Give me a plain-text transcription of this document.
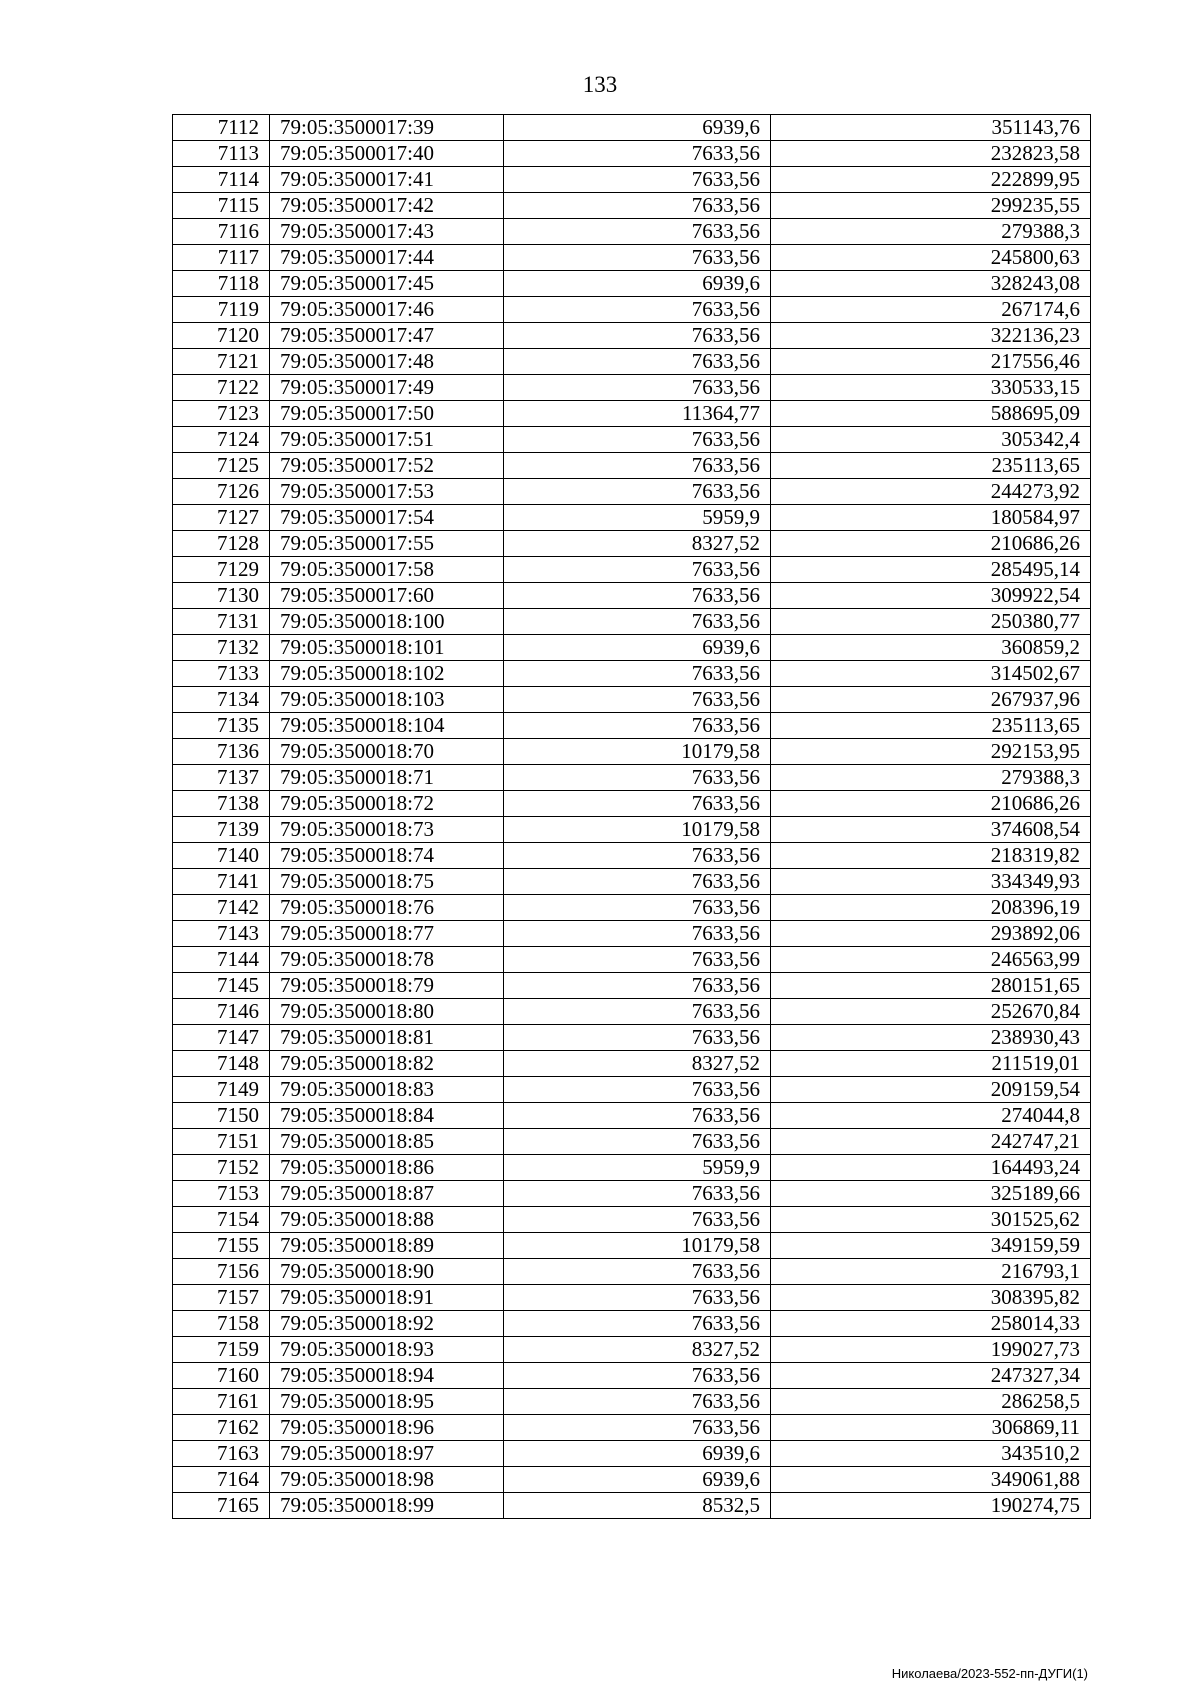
133
7112	79:05:3500017:39	6939,6	351143,76
7113	79:05:3500017:40	7633,56	232823,58
7114	79:05:3500017:41	7633,56	222899,95
7115	79:05:3500017:42	7633,56	299235,55
7116	79:05:3500017:43	7633,56	279388,3
7117	79:05:3500017:44	7633,56	245800,63
7118	79:05:3500017:45	6939,6	328243,08
7119	79:05:3500017:46	7633,56	267174,6
7120	79:05:3500017:47	7633,56	322136,23
7121	79:05:3500017:48	7633,56	217556,46
7122	79:05:3500017:49	7633,56	330533,15
7123	79:05:3500017:50	11364,77	588695,09
7124	79:05:3500017:51	7633,56	305342,4
7125	79:05:3500017:52	7633,56	235113,65
7126	79:05:3500017:53	7633,56	244273,92
7127	79:05:3500017:54	5959,9	180584,97
7128	79:05:3500017:55	8327,52	210686,26
7129	79:05:3500017:58	7633,56	285495,14
7130	79:05:3500017:60	7633,56	309922,54
7131	79:05:3500018:100	7633,56	250380,77
7132	79:05:3500018:101	6939,6	360859,2
7133	79:05:3500018:102	7633,56	314502,67
7134	79:05:3500018:103	7633,56	267937,96
7135	79:05:3500018:104	7633,56	235113,65
7136	79:05:3500018:70	10179,58	292153,95
7137	79:05:3500018:71	7633,56	279388,3
7138	79:05:3500018:72	7633,56	210686,26
7139	79:05:3500018:73	10179,58	374608,54
7140	79:05:3500018:74	7633,56	218319,82
7141	79:05:3500018:75	7633,56	334349,93
7142	79:05:3500018:76	7633,56	208396,19
7143	79:05:3500018:77	7633,56	293892,06
7144	79:05:3500018:78	7633,56	246563,99
7145	79:05:3500018:79	7633,56	280151,65
7146	79:05:3500018:80	7633,56	252670,84
7147	79:05:3500018:81	7633,56	238930,43
7148	79:05:3500018:82	8327,52	211519,01
7149	79:05:3500018:83	7633,56	209159,54
7150	79:05:3500018:84	7633,56	274044,8
7151	79:05:3500018:85	7633,56	242747,21
7152	79:05:3500018:86	5959,9	164493,24
7153	79:05:3500018:87	7633,56	325189,66
7154	79:05:3500018:88	7633,56	301525,62
7155	79:05:3500018:89	10179,58	349159,59
7156	79:05:3500018:90	7633,56	216793,1
7157	79:05:3500018:91	7633,56	308395,82
7158	79:05:3500018:92	7633,56	258014,33
7159	79:05:3500018:93	8327,52	199027,73
7160	79:05:3500018:94	7633,56	247327,34
7161	79:05:3500018:95	7633,56	286258,5
7162	79:05:3500018:96	7633,56	306869,11
7163	79:05:3500018:97	6939,6	343510,2
7164	79:05:3500018:98	6939,6	349061,88
7165	79:05:3500018:99	8532,5	190274,75
Николаева/2023-552-пп-ДУГИ(1)
